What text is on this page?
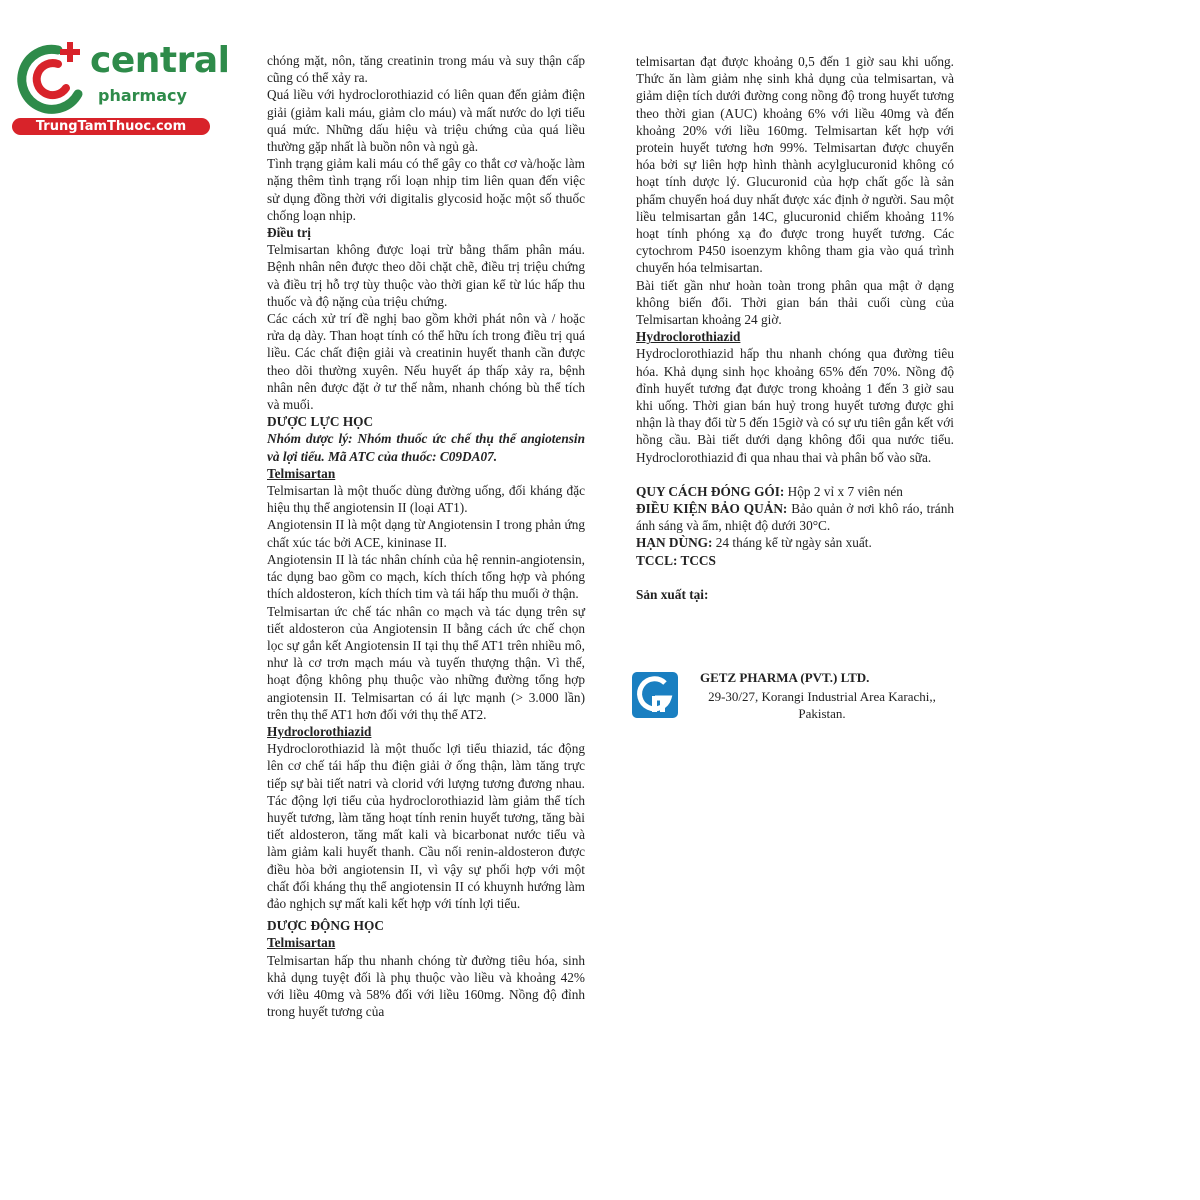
central
pharmacy
TrungTamThuoc.com

chóng mặt, nôn, tăng creatinin trong máu và suy thận cấp cũng có thể xảy ra.

Quá liều với hydroclorothiazid có liên quan đến giảm điện giải (giảm kali máu, giảm clo máu) và mất nước do lợi tiểu quá mức. Những dấu hiệu và triệu chứng của quá liều thường gặp nhất là buồn nôn và ngủ gà.

Tình trạng giảm kali máu có thể gây co thắt cơ và/hoặc làm nặng thêm tình trạng rối loạn nhịp tim liên quan đến việc sử dụng đồng thời với digitalis glycosid hoặc một số thuốc chống loạn nhịp.

Điều trị

Telmisartan không được loại trừ bằng thẩm phân máu. Bệnh nhân nên được theo dõi chặt chẽ, điều trị triệu chứng và điều trị hỗ trợ tùy thuộc vào thời gian kể từ lúc hấp thu thuốc và độ nặng của triệu chứng.

Các cách xử trí đề nghị bao gồm khởi phát nôn và / hoặc rửa dạ dày. Than hoạt tính có thể hữu ích trong điều trị quá liều. Các chất điện giải và creatinin huyết thanh cần được theo dõi thường xuyên. Nếu huyết áp thấp xảy ra, bệnh nhân nên được đặt ở tư thế nằm, nhanh chóng bù thể tích và muối.

DƯỢC LỰC HỌC

Nhóm dược lý: Nhóm thuốc ức chế thụ thể angiotensin và lợi tiểu. Mã ATC của thuốc: C09DA07.

Telmisartan

Telmisartan là một thuốc dùng đường uống, đối kháng đặc hiệu thụ thể angiotensin II (loại AT1).

Angiotensin II là một dạng từ Angiotensin I trong phản ứng chất xúc tác bởi ACE, kininase II.

Angiotensin II là tác nhân chính của hệ rennin-angiotensin, tác dụng bao gồm co mạch, kích thích tổng hợp và phóng thích aldosteron, kích thích tim và tái hấp thu muối ở thận.

Telmisartan ức chế tác nhân co mạch và tác dụng trên sự tiết aldosteron của Angiotensin II bằng cách ức chế chọn lọc sự gắn kết Angiotensin II tại thụ thể AT1 trên nhiều mô, như là cơ trơn mạch máu và tuyến thượng thận. Vì thế, hoạt động không phụ thuộc vào những đường tổng hợp angiotensin II. Telmisartan có ái lực mạnh (> 3.000 lần) trên thụ thể AT1 hơn đối với thụ thể AT2.

Hydroclorothiazid

Hydroclorothiazid là một thuốc lợi tiểu thiazid, tác động lên cơ chế tái hấp thu điện giải ở ống thận, làm tăng trực tiếp sự bài tiết natri và clorid với lượng tương đương nhau. Tác động lợi tiểu của hydroclorothiazid làm giảm thể tích huyết tương, làm tăng hoạt tính renin huyết tương, tăng bài tiết aldosteron, tăng mất kali và bicarbonat nước tiểu và làm giảm kali huyết thanh. Cầu nối renin-aldosteron được điều hòa bởi angiotensin II, vì vậy sự phối hợp với một chất đối kháng thụ thể angiotensin II có khuynh hướng làm đảo nghịch sự mất kali kết hợp với tính lợi tiểu.

DƯỢC ĐỘNG HỌC

Telmisartan

Telmisartan hấp thu nhanh chóng từ đường tiêu hóa, sinh khả dụng tuyệt đối là phụ thuộc vào liều và khoảng 42% với liều 40mg và 58% đối với liều 160mg. Nồng độ đỉnh trong huyết tương của

telmisartan đạt được khoảng 0,5 đến 1 giờ sau khi uống. Thức ăn làm giảm nhẹ sinh khả dụng của telmisartan, và giảm diện tích dưới đường cong nồng độ trong huyết tương theo thời gian (AUC) khoảng 6% với liều 40mg và đến khoảng 20% với liều 160mg. Telmisartan kết hợp với protein huyết tương hơn 99%. Telmisartan được chuyển hóa bởi sự liên hợp hình thành acylglucuronid không có hoạt tính dược lý. Glucuronid của hợp chất gốc là sản phẩm chuyển hoá duy nhất được xác định ở người. Sau một liều telmisartan gắn 14C, glucuronid chiếm khoảng 11% hoạt tính phóng xạ đo được trong huyết tương. Các cytochrom P450 isoenzym không tham gia vào quá trình chuyển hóa telmisartan.

Bài tiết gần như hoàn toàn trong phân qua mật ở dạng không biến đổi. Thời gian bán thải cuối cùng của Telmisartan khoảng 24 giờ.

Hydroclorothiazid

Hydroclorothiazid hấp thu nhanh chóng qua đường tiêu hóa. Khả dụng sinh học khoảng 65% đến 70%. Nồng độ đỉnh huyết tương đạt được trong khoảng 1 đến 3 giờ sau khi uống. Thời gian bán huỷ trong huyết tương được ghi nhận là thay đổi từ 5 đến 15giờ và có sự ưu tiên gắn kết với hồng cầu. Bài tiết dưới dạng không đổi qua nước tiểu. Hydroclorothiazid đi qua nhau thai và phân bố vào sữa.

QUY CÁCH ĐÓNG GÓI: Hộp 2 vỉ x 7 viên nén

ĐIỀU KIỆN BẢO QUẢN: Bảo quản ở nơi khô ráo, tránh ánh sáng và ẩm, nhiệt độ dưới 30°C.

HẠN DÙNG: 24 tháng kể từ ngày sản xuất.

TCCL: TCCS

Sản xuất tại:

GETZ PHARMA (PVT.) LTD.
29-30/27, Korangi Industrial Area Karachi,,
Pakistan.
